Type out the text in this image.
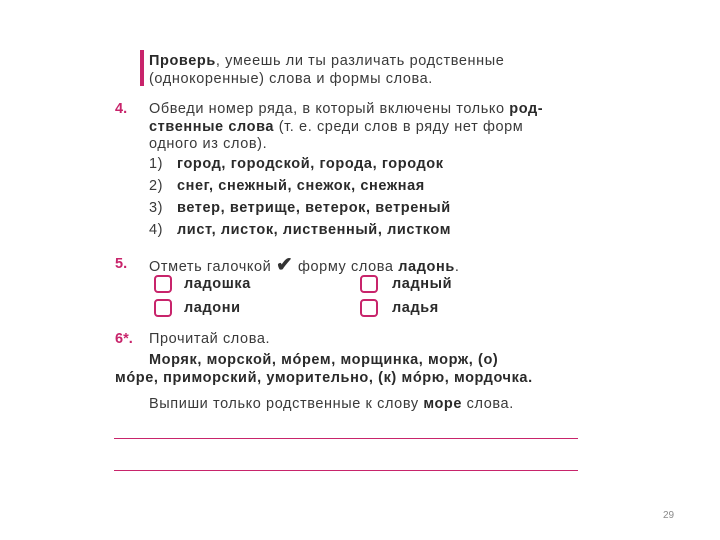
Проверь, умеешь ли ты различать родственные
(однокоренные) слова и формы слова.
4. Обведи номер ряда, в который включены только род-
ственные слова (т. е. среди слов в ряду нет форм
одного из слов).
1) город, городской, города, городок
2) снег, снежный, снежок, снежная
3) ветер, ветрище, ветерок, ветреный
4) лист, листок, лиственный, листком
5. Отметь галочкой ✔ форму слова ладонь.
ладошка	ладный
ладони	ладья
6*. Прочитай слова.
Моряк, морской, мóрем, морщинка, морж, (о)
мóре, приморский, уморительно, (к) мóрю, мордочка.
Выпиши только родственные к слову море слова.
29
